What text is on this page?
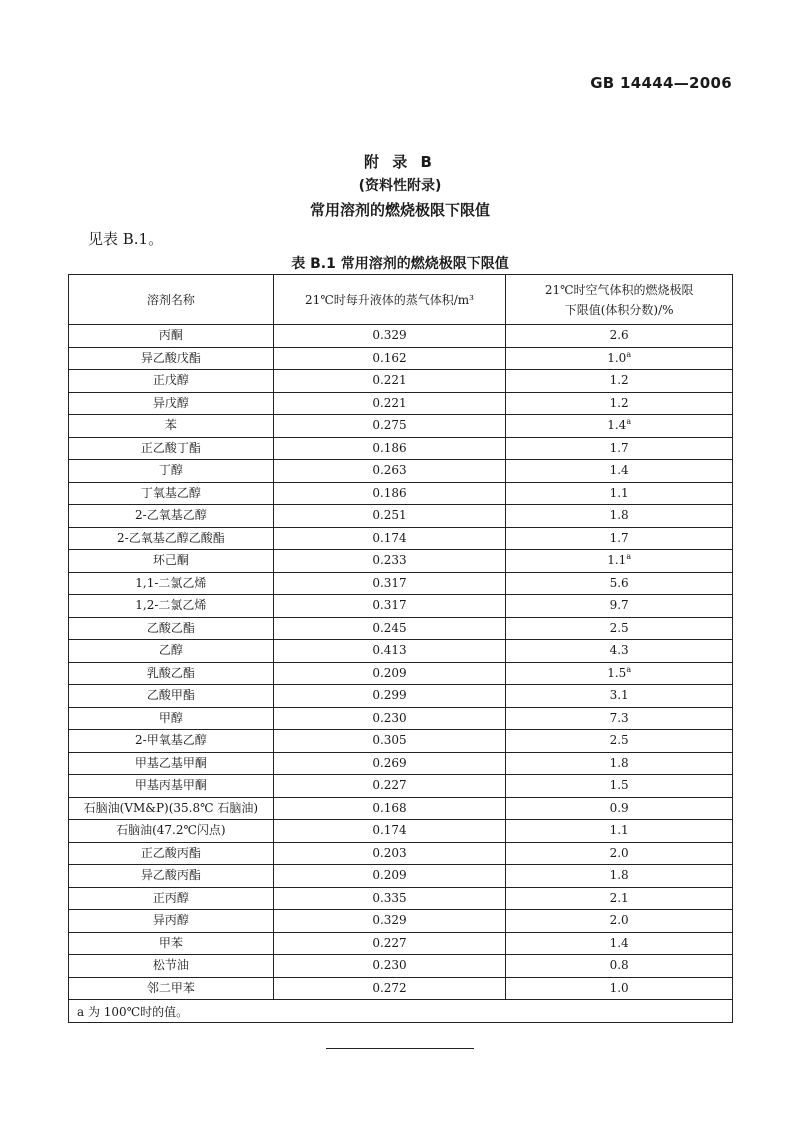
GB 14444—2006
附 录 B
(资料性附录)
常用溶剂的燃烧极限下限值
见表 B.1。
表 B.1 常用溶剂的燃烧极限下限值
溶剂名称	21℃时每升液体的蒸气体积/m³	21℃时空气体积的燃烧极限
下限值(体积分数)/%
丙酮	0.329	2.6
异乙酸戊酯	0.162	1.0$^a$
正戊醇	0.221	1.2
异戊醇	0.221	1.2
苯	0.275	1.4$^a$
正乙酸丁酯	0.186	1.7
丁醇	0.263	1.4
丁氧基乙醇	0.186	1.1
2-乙氧基乙醇	0.251	1.8
2-乙氧基乙醇乙酸酯	0.174	1.7
环己酮	0.233	1.1$^a$
1,1-二氯乙烯	0.317	5.6
1,2-二氯乙烯	0.317	9.7
乙酸乙酯	0.245	2.5
乙醇	0.413	4.3
乳酸乙酯	0.209	1.5$^a$
乙酸甲酯	0.299	3.1
甲醇	0.230	7.3
2-甲氧基乙醇	0.305	2.5
甲基乙基甲酮	0.269	1.8
甲基丙基甲酮	0.227	1.5
石脑油(VM&P)(35.8℃ 石脑油)	0.168	0.9
石脑油(47.2℃闪点)	0.174	1.1
正乙酸丙酯	0.203	2.0
异乙酸丙酯	0.209	1.8
正丙醇	0.335	2.1
异丙醇	0.329	2.0
甲苯	0.227	1.4
松节油	0.230	0.8
邻二甲苯	0.272	1.0
a 为 100℃时的值。		
